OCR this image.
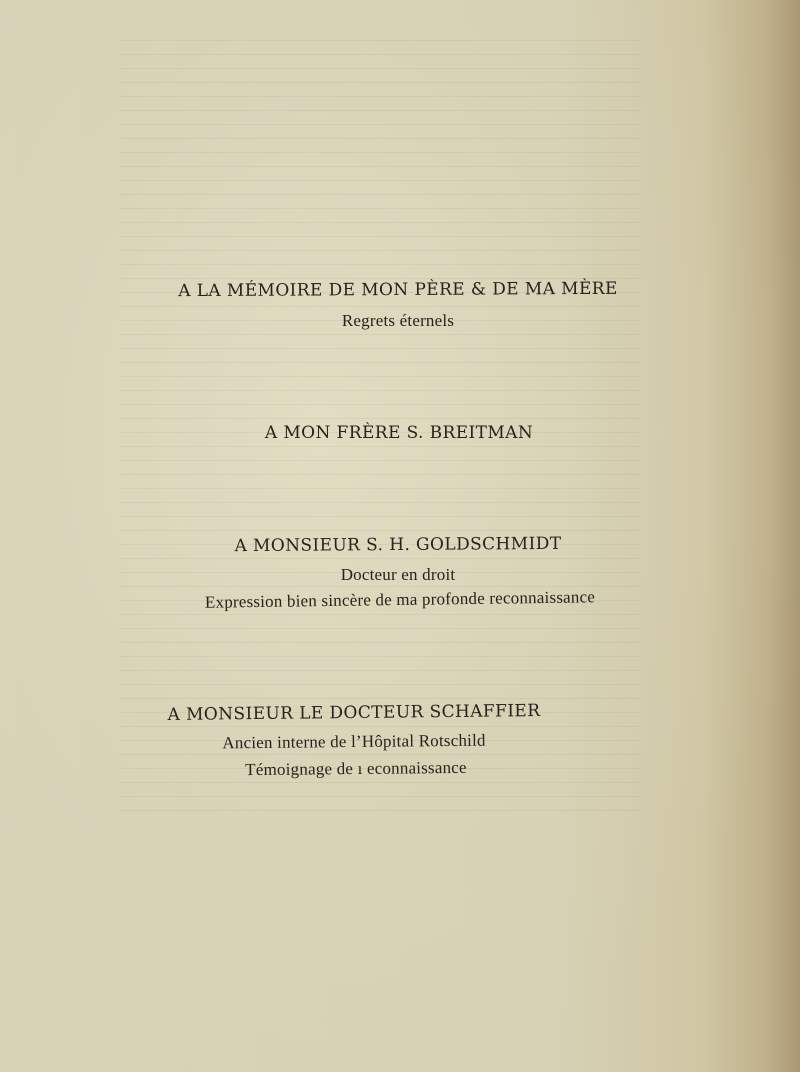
A LA MÉMOIRE DE MON PÈRE & DE MA MÈRE
Regrets éternels
A MON FRÈRE S. BREITMAN
A MONSIEUR S. H. GOLDSCHMIDT
Docteur en droit
Expression bien sincère de ma profonde reconnaissance
A MONSIEUR LE DOCTEUR SCHAFFIER
Ancien interne de l’Hôpital Rotschild
Témoignage de ı econnaissance
